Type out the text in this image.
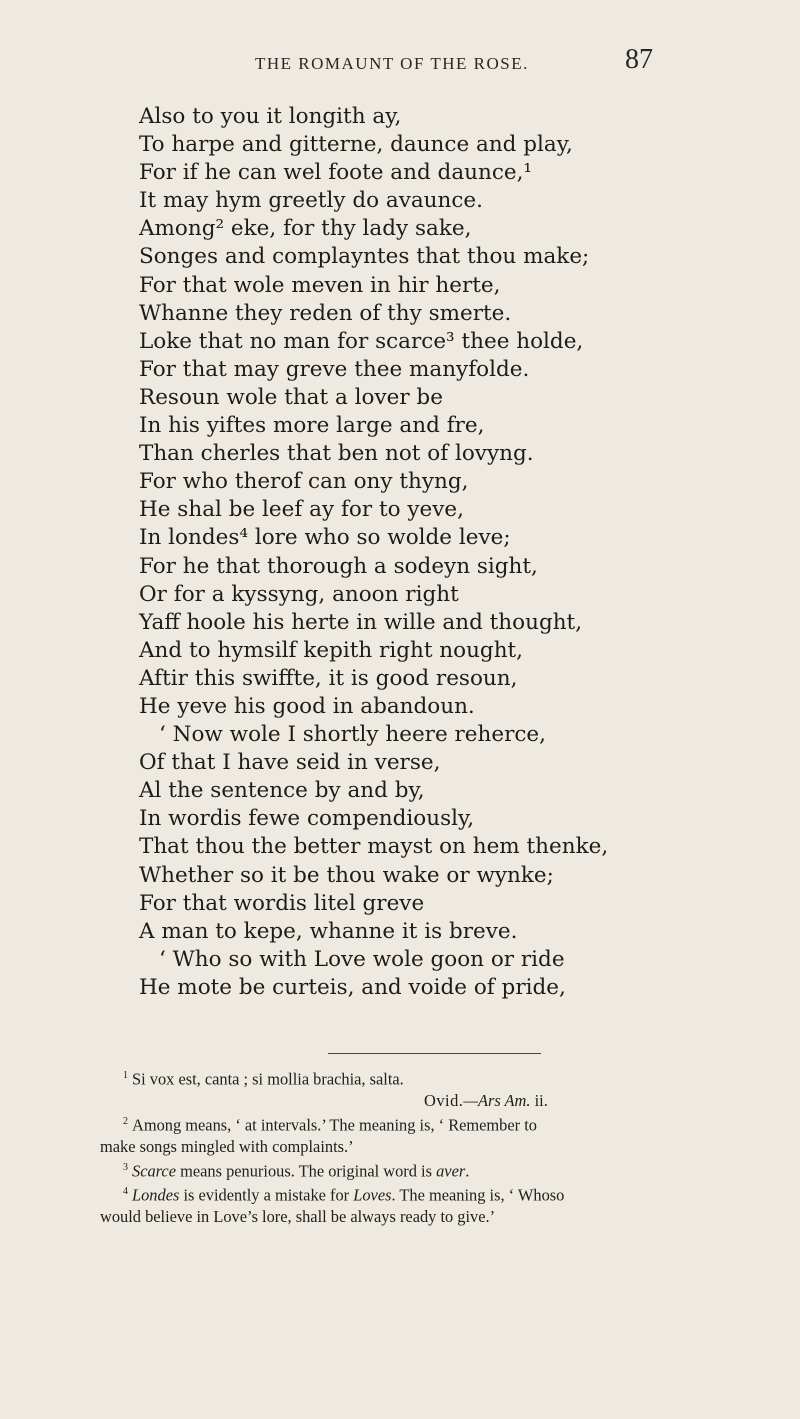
THE ROMAUNT OF THE ROSE.	87
Also to you it longith ay,
To harpe and gitterne, daunce and play,
For if he can wel foote and daunce,¹
It may hym greetly do avaunce.
Among² eke, for thy lady sake,
Songes and complayntes that thou make;
For that wole meven in hir herte,
Whanne they reden of thy smerte.
Loke that no man for scarce³ thee holde,
For that may greve thee manyfolde.
Resoun wole that a lover be
In his yiftes more large and fre,
Than cherles that ben not of lovyng.
For who therof can ony thyng,
He shal be leef ay for to yeve,
In londes⁴ lore who so wolde leve;
For he that thorough a sodeyn sight,
Or for a kyssyng, anoon right
Yaff hoole his herte in wille and thought,
And to hymsilf kepith right nought,
Aftir this swiffte, it is good resoun,
He yeve his good in abandoun.
‘ Now wole I shortly heere reherce,
Of that I have seid in verse,
Al the sentence by and by,
In wordis fewe compendiously,
That thou the better mayst on hem thenke,
Whether so it be thou wake or wynke;
For that wordis litel greve
A man to kepe, whanne it is breve.
‘ Who so with Love wole goon or ride
He mote be curteis, and voide of pride,
$^1$ Si vox est, canta ; si mollia brachia, salta.
Ovid.—Ars Am. ii.
$^2$ Among means, ‘ at intervals.’ The meaning is, ‘ Remember to
make songs mingled with complaints.’
$^3$ Scarce means penurious. The original word is aver.
$^4$ Londes is evidently a mistake for Loves. The meaning is, ‘ Whoso
would believe in Love’s lore, shall be always ready to give.’
